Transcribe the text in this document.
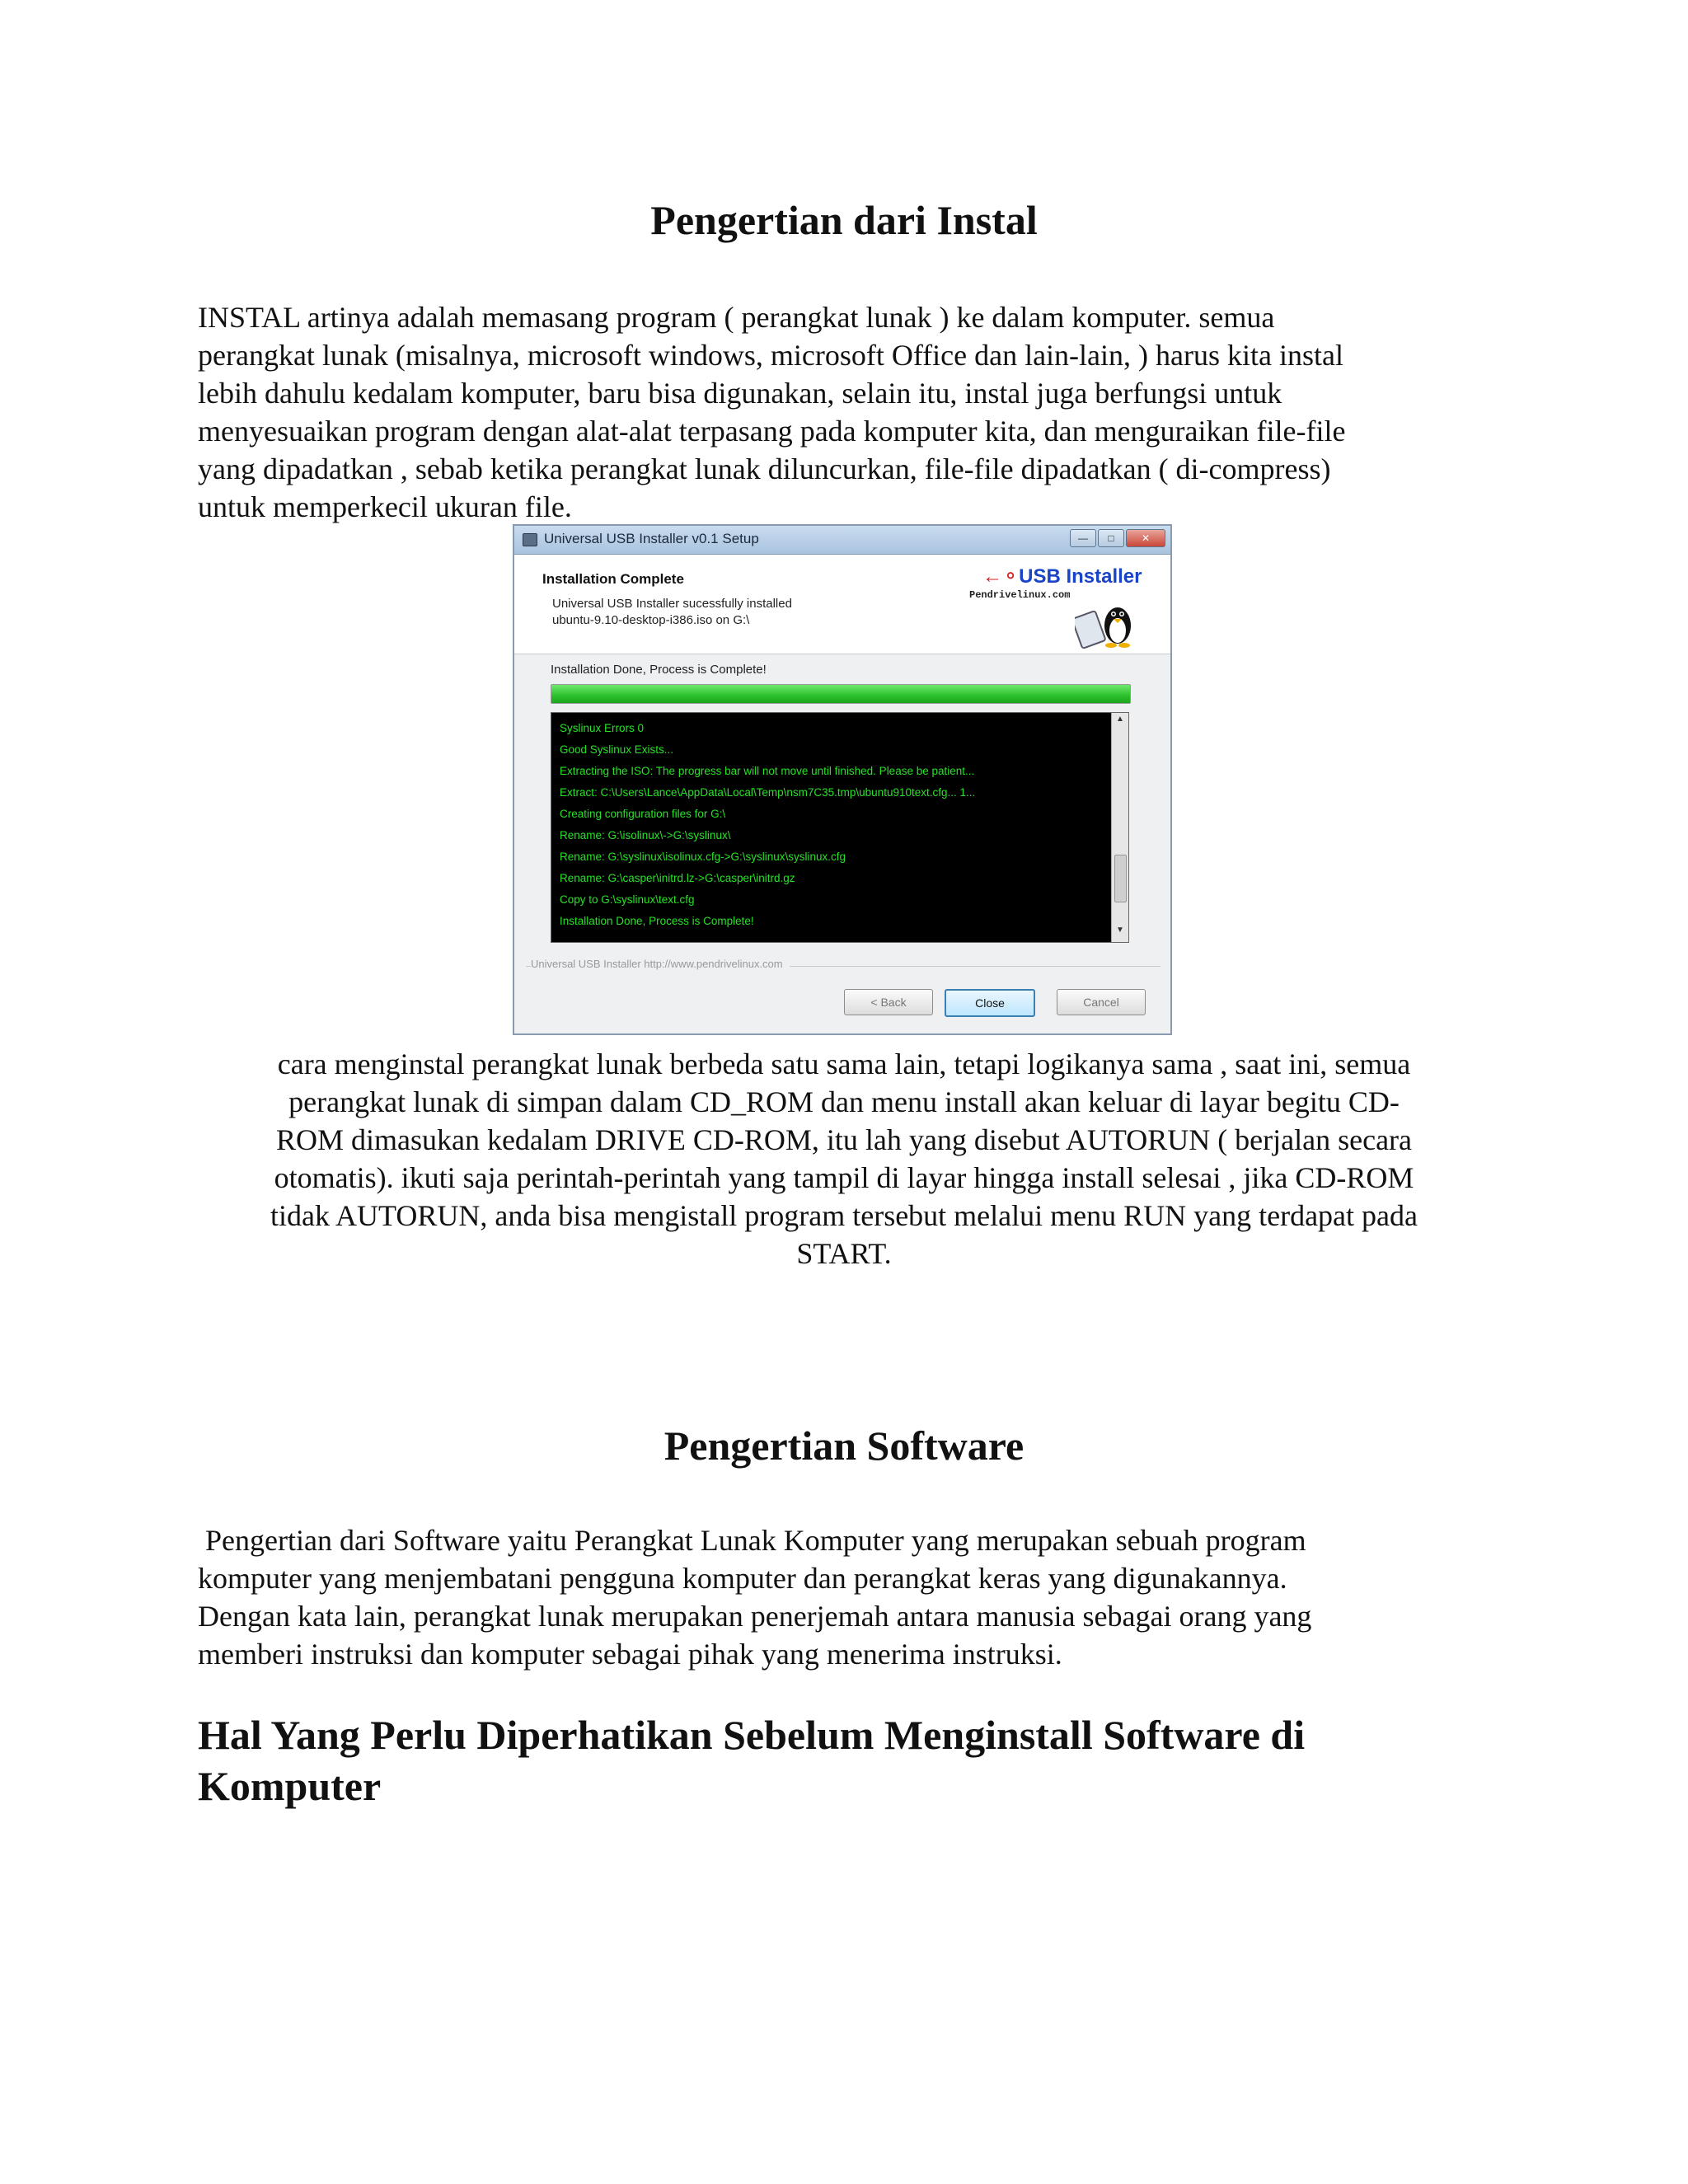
Pengertian dari Instal
INSTAL artinya adalah memasang program ( perangkat lunak ) ke dalam komputer. semua
perangkat lunak (misalnya, microsoft windows, microsoft Office dan lain-lain, ) harus kita instal
lebih dahulu kedalam komputer, baru bisa digunakan, selain itu, instal juga berfungsi untuk
menyesuaikan program dengan alat-alat terpasang pada komputer kita, dan menguraikan file-file
yang dipadatkan , sebab ketika perangkat lunak diluncurkan, file-file dipadatkan ( di-compress)
untuk memperkecil ukuran file.
Universal USB Installer v0.1 Setup	—	□	✕
Installation Complete
Universal USB Installer sucessfully installed
ubuntu-9.10-desktop-i386.iso on G:\
←⚬USB Installer
Pendrivelinux.com
Installation Done, Process is Complete!
Syslinux Errors 0
Good Syslinux Exists...
Extracting the ISO: The progress bar will not move until finished. Please be patient...
Extract: C:\Users\Lance\AppData\Local\Temp\nsm7C35.tmp\ubuntu910text.cfg... 1...
Creating configuration files for G:\
Rename: G:\isolinux\->G:\syslinux\
Rename: G:\syslinux\isolinux.cfg->G:\syslinux\syslinux.cfg
Rename: G:\casper\initrd.lz->G:\casper\initrd.gz
Copy to G:\syslinux\text.cfg
Installation Done, Process is Complete!
▲
▼
Universal USB Installer http://www.pendrivelinux.com
< Back	Close	Cancel
cara menginstal perangkat lunak berbeda satu sama lain, tetapi logikanya sama , saat ini, semua
perangkat lunak di simpan dalam CD_ROM dan menu install akan keluar di layar begitu CD-
ROM dimasukan kedalam DRIVE CD-ROM, itu lah yang disebut AUTORUN ( berjalan secara
otomatis). ikuti saja perintah-perintah yang tampil di layar hingga install selesai , jika CD-ROM
tidak AUTORUN, anda bisa mengistall program tersebut melalui menu RUN yang terdapat pada
START.
Pengertian Software
Pengertian dari Software yaitu Perangkat Lunak Komputer yang merupakan sebuah program
komputer yang menjembatani pengguna komputer dan perangkat keras yang digunakannya.
Dengan kata lain, perangkat lunak merupakan penerjemah antara manusia sebagai orang yang
memberi instruksi dan komputer sebagai pihak yang menerima instruksi.
Hal Yang Perlu Diperhatikan Sebelum Menginstall Software di
Komputer
